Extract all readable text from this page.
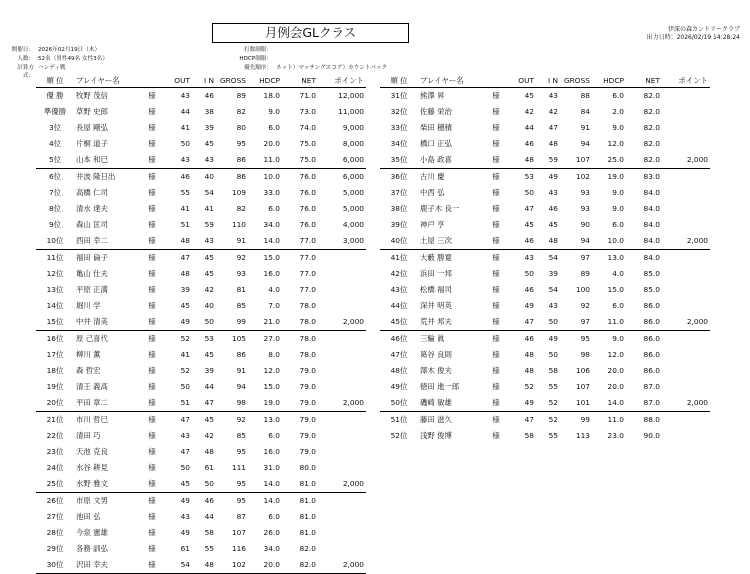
月例会GLクラス	伊深の森カントリークラブ
出力日時：2026/02/19 14:28:24
開催日： 2026年02月19日（木）
人数： 52名（男性49名 女性3名）
計算方式：
ハンディ戦
打数制限：
HDCP制限：
優先順序： ネット）マッチングスコア）カウントバック
順 位	プレイヤー名		OUT	I N	GROSS	HDCP	NET	ポイント
優 勝	牧野 茂信	様	43	46	89	18.0	71.0	12,000
準優勝	草野 史郎	様	44	38	82	9.0	73.0	11,000
3位	長屋 剛弘	様	41	39	80	6.0	74.0	9,000
4位	片桐 道子	様	50	45	95	20.0	75.0	8,000
5位	山本 和巳	様	43	43	86	11.0	75.0	6,000
6位	井波 隆日出	様	46	40	86	10.0	76.0	6,000
7位	高橋 仁司	様	55	54	109	33.0	76.0	5,000
8位	清水 達夫	様	41	41	82	6.0	76.0	5,000
9位	森山 匡司	様	51	59	110	34.0	76.0	4,000
10位	西田 幸二	様	48	43	91	14.0	77.0	3,000
11位	福田 倫子	様	47	45	92	15.0	77.0	
12位	亀山 仕夫	様	48	45	93	16.0	77.0	
13位	平原 正満	様	39	42	81	4.0	77.0	
14位	堀川 学	様	45	40	85	7.0	78.0	
15位	中井 清美	様	49	50	99	21.0	78.0	2,000
16位	原 己喜代	様	52	53	105	27.0	78.0	
17位	柳川 薫	様	41	45	86	8.0	78.0	
18位	森 哲宏	様	52	39	91	12.0	79.0	
19位	清王 義高	様	50	44	94	15.0	79.0	
20位	平田 章二	様	51	47	98	19.0	79.0	2,000
21位	市川 哲巳	様	47	45	92	13.0	79.0	
22位	清田 巧	様	43	42	85	6.0	79.0	
23位	天池 克良	様	47	48	95	16.0	79.0	
24位	水谷 耕見	様	50	61	111	31.0	80.0	
25位	水野 雅文	様	45	50	95	14.0	81.0	2,000
26位	市原 文男	様	49	46	95	14.0	81.0	
27位	池田 弘	様	43	44	87	6.0	81.0	
28位	今泉 憲雄	様	49	58	107	26.0	81.0	
29位	各務 訓弘	様	61	55	116	34.0	82.0	
30位	沢田 幸夫	様	54	48	102	20.0	82.0	2,000
順 位	プレイヤー名		OUT	I N	GROSS	HDCP	NET	ポイント
31位	熊澤 昇	様	45	43	88	6.0	82.0	
32位	佐藤 栄治	様	42	42	84	2.0	82.0	
33位	柴田 穂積	様	44	47	91	9.0	82.0	
34位	橋口 正弘	様	46	48	94	12.0	82.0	
35位	小島 政喜	様	48	59	107	25.0	82.0	2,000
36位	古川 慶	様	53	49	102	19.0	83.0	
37位	中西 弘	様	50	43	93	9.0	84.0	
38位	鹿子木 良一	様	47	46	93	9.0	84.0	
39位	神戸 亨	様	45	45	90	6.0	84.0	
40位	土屋 三次	様	46	48	94	10.0	84.0	2,000
41位	大藪 勝寛	様	43	54	97	13.0	84.0	
42位	浜田 一邦	様	50	39	89	4.0	85.0	
43位	松橋 福司	様	46	54	100	15.0	85.0	
44位	深井 明英	様	49	43	92	6.0	86.0	
45位	荒井 邦夫	様	47	50	97	11.0	86.0	2,000
46位	三輪 眞	様	46	49	95	9.0	86.0	
47位	葛谷 良則	様	48	50	98	12.0	86.0	
48位	澤木 俊夫	様	48	58	106	20.0	86.0	
49位	徳田 進一郎	様	52	55	107	20.0	87.0	
50位	磯崎 敏雄	様	49	52	101	14.0	87.0	2,000
51位	藤田 滋久	様	47	52	99	11.0	88.0	
52位	浅野 俊博	様	58	55	113	23.0	90.0	
